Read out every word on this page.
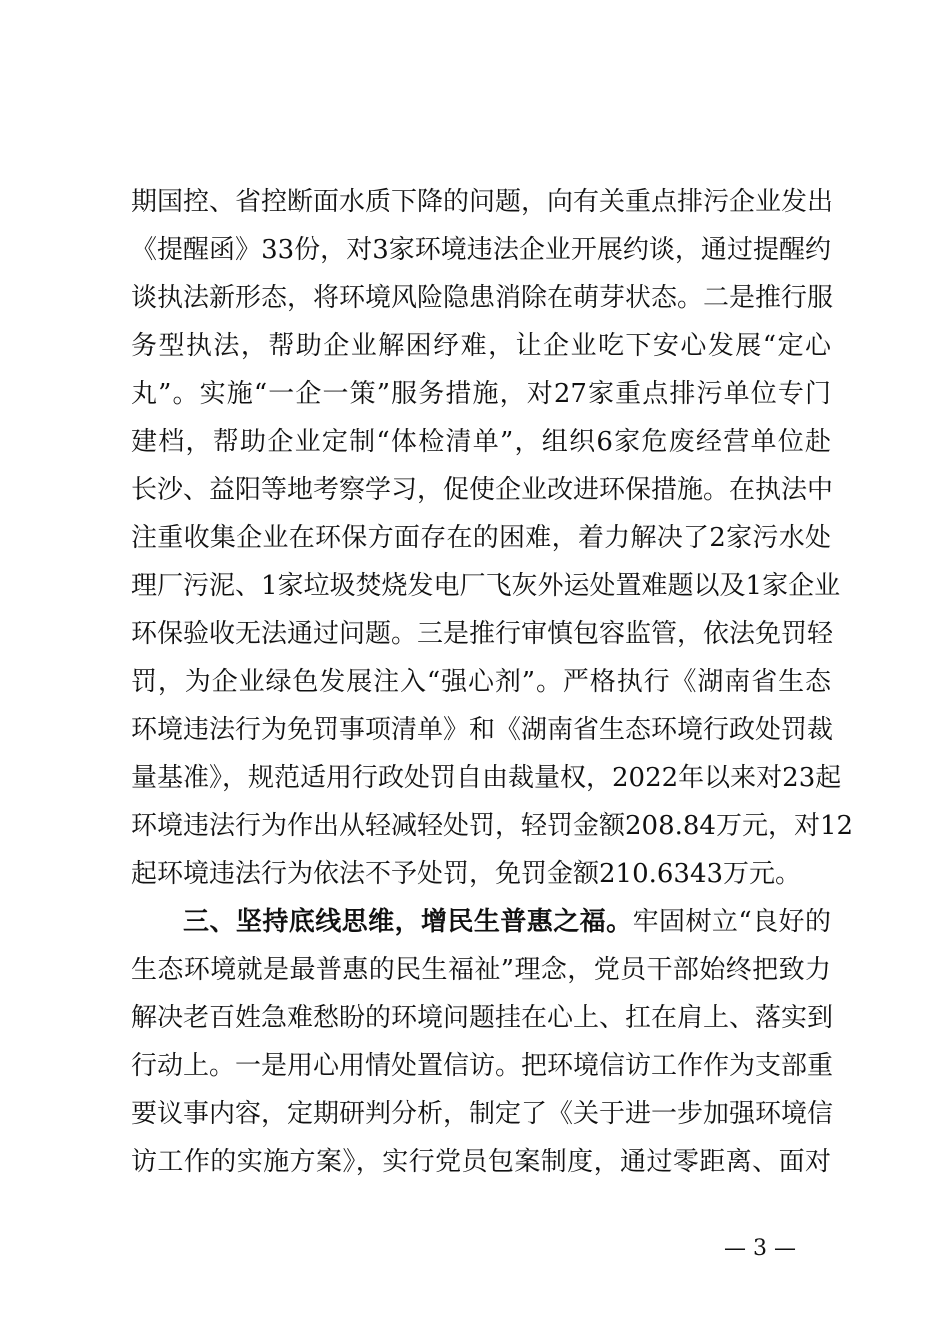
期国控、省控断面水质下降的问题，向有关重点排污企业发出
《提醒函》33份，对3家环境违法企业开展约谈，通过提醒约
谈执法新形态，将环境风险隐患消除在萌芽状态。二是推行服
务型执法，帮助企业解困纾难，让企业吃下安心发展“定心
丸”。实施“一企一策”服务措施，对27家重点排污单位专门
建档，帮助企业定制“体检清单”，组织6家危废经营单位赴
长沙、益阳等地考察学习，促使企业改进环保措施。在执法中
注重收集企业在环保方面存在的困难，着力解决了2家污水处
理厂污泥、1家垃圾焚烧发电厂飞灰外运处置难题以及1家企业
环保验收无法通过问题。三是推行审慎包容监管，依法免罚轻
罚，为企业绿色发展注入“强心剂”。严格执行《湖南省生态
环境违法行为免罚事项清单》和《湖南省生态环境行政处罚裁
量基准》，规范适用行政处罚自由裁量权，2022年以来对23起
环境违法行为作出从轻减轻处罚，轻罚金额208.84万元，对12
起环境违法行为依法不予处罚，免罚金额210.6343万元。
三、坚持底线思维，增民生普惠之福。牢固树立“良好的
生态环境就是最普惠的民生福祉”理念，党员干部始终把致力
解决老百姓急难愁盼的环境问题挂在心上、扛在肩上、落实到
行动上。一是用心用情处置信访。把环境信访工作作为支部重
要议事内容，定期研判分析，制定了《关于进一步加强环境信
访工作的实施方案》，实行党员包案制度，通过零距离、面对
— 3 —
